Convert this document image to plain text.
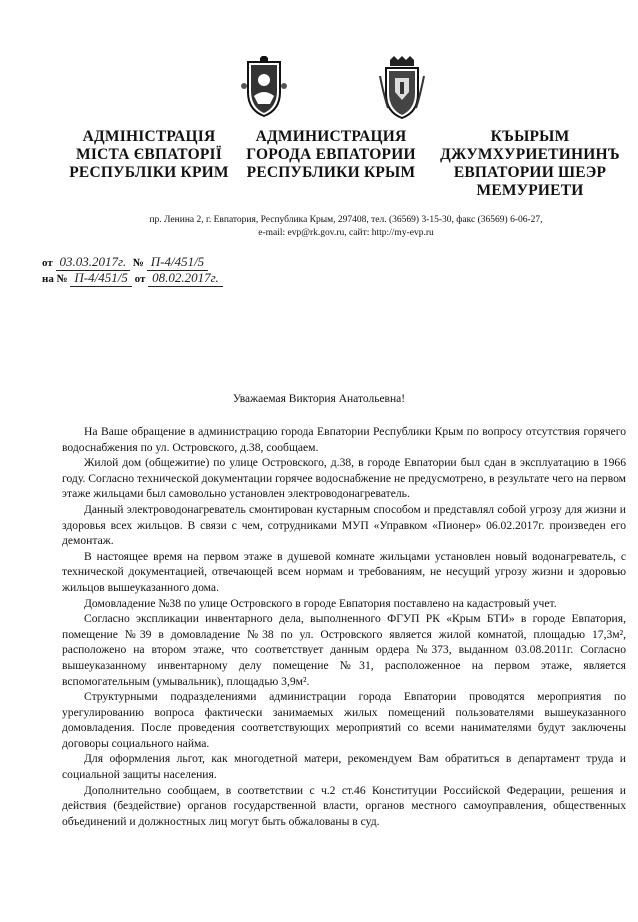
АДМІНІСТРАЦІЯ
МІСТА ЄВПАТОРІЇ
РЕСПУБЛІКИ КРИМ
АДМИНИСТРАЦИЯ
ГОРОДА ЕВПАТОРИИ
РЕСПУБЛИКИ КРЫМ
КЪЫРЫМ
ДЖУМХУРИЕТИНИНЪ
ЕВПАТОРИИ ШЕЭР
МЕМУРИЕТИ
пр. Ленина 2, г. Евпатория, Республика Крым, 297408, тел. (36569) 3-15-30, факс (36569) 6-06-27,
e-mail: evp@rk.gov.ru, сайт: http://my-evp.ru
от 03.03.2017г. № П-4/451/5
на № П-4/451/5 от 08.02.2017г.
Уважаемая Виктория Анатольевна!

На Ваше обращение в администрацию города Евпатории Республики Крым по вопросу отсутствия горячего водоснабжения по ул. Островского, д.38, сообщаем.

Жилой дом (общежитие) по улице Островского, д.38, в городе Евпатории был сдан в эксплуатацию в 1966 году. Согласно технической документации горячее водоснабжение не предусмотрено, в результате чего на первом этаже жильцами был самовольно установлен электроводонагреватель.

Данный электроводонагреватель смонтирован кустарным способом и представлял собой угрозу для жизни и здоровья всех жильцов. В связи с чем, сотрудниками МУП «Управком «Пионер» 06.02.2017г. произведен его демонтаж.

В настоящее время на первом этаже в душевой комнате жильцами установлен новый водонагреватель, с технической документацией, отвечающей всем нормам и требованиям, не несущий угрозу жизни и здоровью жильцов вышеуказанного дома.

Домовладение №38 по улице Островского в городе Евпатория поставлено на кадастровый учет.

Согласно экспликации инвентарного дела, выполненного ФГУП РК «Крым БТИ» в городе Евпатория, помещение №39 в домовладение №38 по ул. Островского является жилой комнатой, площадью 17,3м², расположено на втором этаже, что соответствует данным ордера №373, выданном 03.08.2011г. Согласно вышеуказанному инвентарному делу помещение №31, расположенное на первом этаже, является вспомогательным (умывальник), площадью 3,9м².

Структурными подразделениями администрации города Евпатории проводятся мероприятия по урегулированию вопроса фактически занимаемых жилых помещений пользователями вышеуказанного домовладения. После проведения соответствующих мероприятий со всеми нанимателями будут заключены договоры социального найма.

Для оформления льгот, как многодетной матери, рекомендуем Вам обратиться в департамент труда и социальной защиты населения.

Дополнительно сообщаем, в соответствии с ч.2 ст.46 Конституции Российской Федерации, решения и действия (бездействие) органов государственной власти, органов местного самоуправления, общественных объединений и должностных лиц могут быть обжалованы в суд.
